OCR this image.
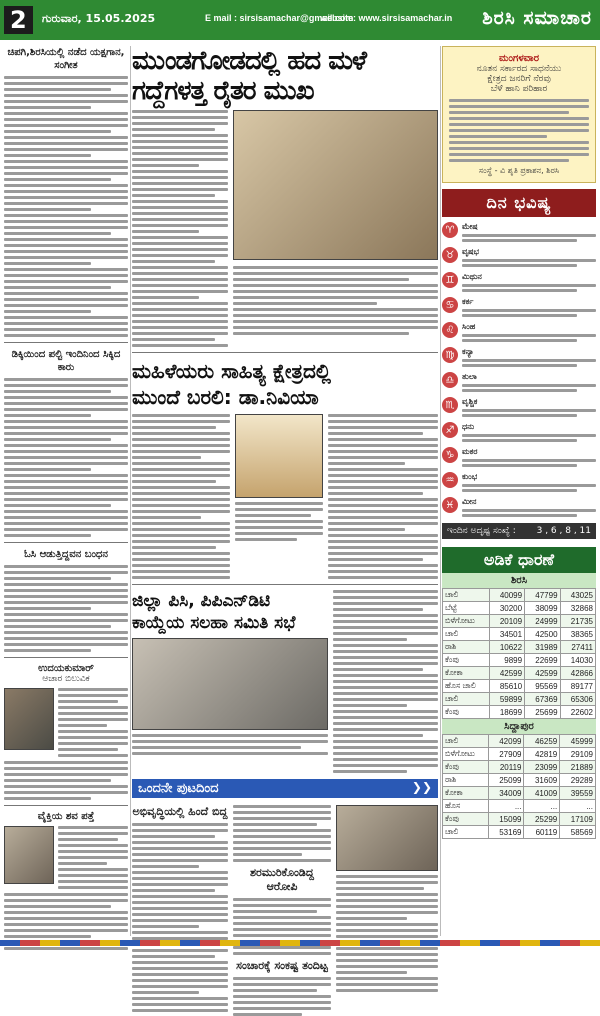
2	ಗುರುವಾರ, 15.05.2025	E mail : sirsisamachar@gmail.com
website: www.sirsisamachar.in ಶಿರಸಿ ಸಮಾಚಾರ
ಚಿಪಗಿ,ಶಿರಸಿಯಲ್ಲಿ ನಡೆದ ಯಕ್ಷಗಾನ, ಸಂಗೀತ
ಡಿಕ್ಕಿಯಿಂದ ಪಲ್ಟಿ ಇಂದಿನಿಂದ ಸಿಕ್ಕಿದ ಕಾರು
ಓಸಿ ಆಡುತ್ತಿದ್ದವನ ಬಂಧನ
ಉದಯಕುಮಾರ್
ಆಚಾರ ಬಿಲುವಿಕ
ವೈಕ್ತಿಯ ಶವ ಪತ್ತೆ
ಮುಂಡಗೋಡದಲ್ಲಿ ಹದ ಮಳೆ
ಗದ್ದೆಗಳತ್ತ ರೈತರ ಮುಖ
ಮಹಿಳೆಯರು ಸಾಹಿತ್ಯ ಕ್ಷೇತ್ರದಲ್ಲಿ
ಮುಂದೆ ಬರಲಿ: ಡಾ.ನಿವಿಯಾ
ಜಿಲ್ಲಾ ಪಿಸಿ, ಪಿಪಿಎನ್‌ಡಿಟಿ
ಕಾಯ್ದೆಯ ಸಲಹಾ ಸಮಿತಿ ಸಭೆ
ಒಂದನೇ ಪುಟದಿಂದ	❯❯
ಅಭಿವೃದ್ಧಿಯಲ್ಲಿ ಹಿಂದೆ ಬಿದ್ದ
ಶರಮುರಿಕೊಂಡಿದ್ದ ಆರೋಪಿ
ಸಂಚಾರಕ್ಕೆ ಸಂಕಷ್ಟ ತಂದಿಟ್ಟ
ಮಂಗಳವಾರ
ನೂತನ ಸರ್ಕಾರದ ಸಾಧನೆಯು
ಕ್ಷೇತ್ರದ ಜನರಿಗೆ ನೆರವು
ಬೆಳೆ ಹಾನಿ ಪರಿಹಾರ
ಸಂಸ್ಥೆ - ವಿ ಶೃತಿ ಪ್ರಕಾಶನ, ಶಿರಸಿ
ದಿನ ಭವಿಷ್ಯ
♈ ಮೇಷ
♉ ವೃಷಭ
♊ ಮಿಥುನ
♋ ಕರ್ಕ
♌ ಸಿಂಹ
♍ ಕನ್ಯಾ
♎ ತುಲಾ
♏ ವೃಶ್ಚಿಕ
♐ ಧನು
♑ ಮಕರ
♒ ಕುಂಭ
♓ ಮೀನ
ಇಂದಿನ ಅದೃಷ್ಟ ಸಂಖ್ಯೆ : 3 , 6 , 8 , 11
ಅಡಿಕೆ ಧಾರಣೆ
ಶಿರಸಿ
ಚಾಲಿ	40099	47799	43025
ಬೆಟ್ಟೆ	30200	38099	32868
ಬಿಳೆಗೋಟು	20109	24999	21735
ಚಾಲಿ	34501	42500	38365
ರಾಶಿ	10622	31989	27411
ಕೆಂಪು	9899	22699	14030
ಕೋಕಾ	42599	42599	42866
ಹೊಸ ಚಾಲಿ	85610	95569	89177
ಚಾಲಿ	59899	67369	65306
ಕೆಂಪು	18699	25699	22602
ಸಿದ್ದಾಪುರ
ಚಾಲಿ	42099	46259	45999
ಬಿಳೆಗೋಟು	27909	42819	29109
ಕೆಂಪು	20119	23099	21889
ರಾಶಿ	25099	31609	29289
ಕೋಕಾ	34009	41009	39559
ಹೊಸ	...	...	...
ಕೆಂಪು	15099	25299	17109
ಚಾಲಿ	53169	60119	58569
